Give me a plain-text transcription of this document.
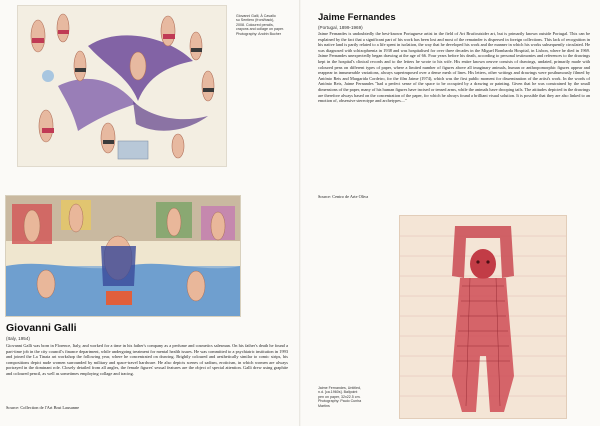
Giovanni Galli, À Cavallo
su Sentiero (front/back),
2008. Coloured pencils,
crayons and collage on paper.
Photography: Andrin Bucher
Giovanni Galli
(Italy, 1954)
Giovanni Galli was born in Florence, Italy, and worked for a time in his father's company as a perfume and cosmetics salesman. On his father's death he found a part-time job in the city council's finance department, while undergoing treatment for mental health issues. He was committed to a psychiatric institution in 1993 and joined the La Tinaia art workshop the following year, where he concentrated on drawing. Brightly coloured and aesthetically similar to comic strips, his compositions depict nude women surrounded by military and space-travel hardware. He also depicts scenes of sadism, eroticism, in which women are always portrayed in the dominant role. Closely detailed from all angles, the female figures' sexual features are the object of special attention. Galli drew using graphite and coloured pencil, as well as sometimes employing collage and tracing.
Source: Collection de l'Art Brut Lausanne
Jaime Fernandes
(Portugal, 1899-1969)
Jaime Fernandes is undoubtedly the best-known Portuguese artist in the field of Art Brut/outsider art, but is primarily known outside Portugal. This can be explained by the fact that a significant part of his work has been lost and most of the remainder is dispersed in foreign collections. This lack of recognition in his native land is partly related to a life spent in isolation, the way that he developed his work and the manner in which his works subsequently circulated. He was diagnosed with schizophrenia in 1938 and was hospitalised for over three decades in the Miguel Bombarda Hospital, in Lisbon, where he died in 1969. Jaime Fernandes unexpectedly began drawing at the age of 66. Four years before his death, according to personal testimonies and references to the drawings kept in the hospital's clinical records and to the letters he wrote to his wife. His entire known oeuvre consists of drawings, undated, primarily made with coloured pens on different types of paper, where a limited number of figures above all imaginary animals, human or anthropomorphic figures appear and reappear in innumerable variations, always superimposed over a dense mesh of lines. His letters, other writings and drawings were posthumously filmed by António Reis and Margarida Cordeiro, for the film Jaime (1974), which was the first public moment for dissemination of the artist's work. In the words of António Reis, Jaime Fernandes "had a perfect sense of the space to be occupied by a drawing or painting. Given that he was constrained by the small dimensions of the paper, many of his human figures have incised or tensed arms, while the animals have drooping tails. The attitudes depicted in the drawings are therefore always based on the concentration of the paper, for which he always found a brilliant visual solution. It is possible that they are also linked to an emotion of, obsessive stereotype and archetypes...."
Source: Centro de Arte Oliva
Jaime Fernandes, Untitled,
n.d. [ca.1960s]. Ballpoint
pen on paper, 32x22.5 cm.
Photography: Paulo Cunha
Martins
